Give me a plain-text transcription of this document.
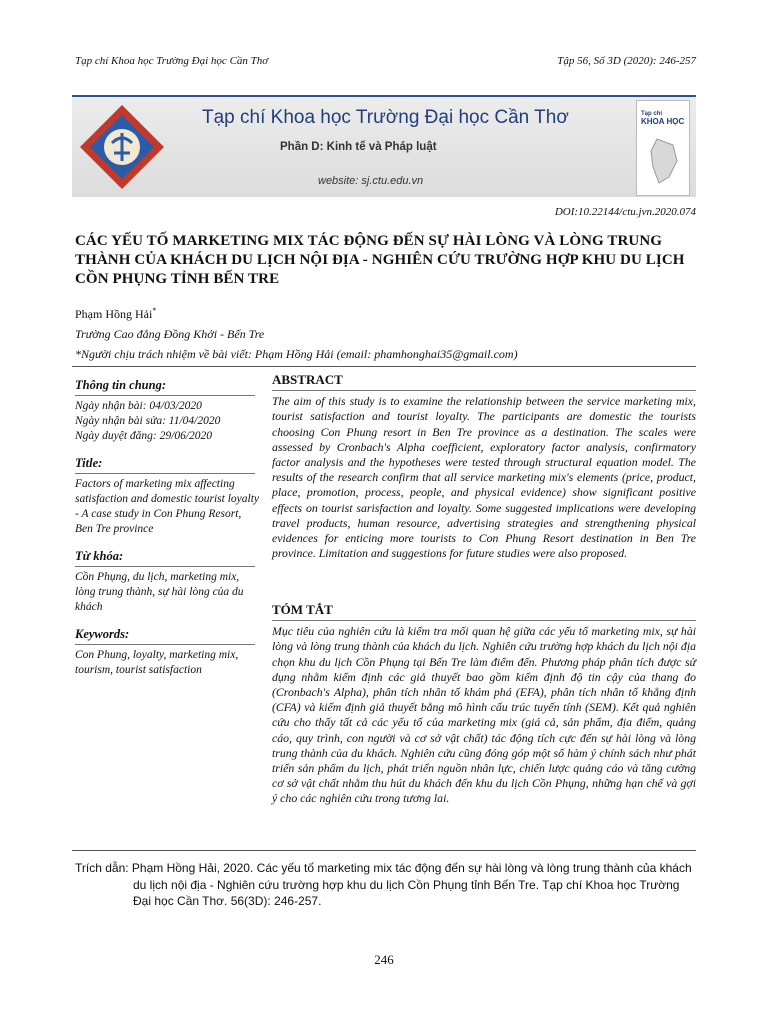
Tạp chí Khoa học Trường Đại học Cần Thơ	Tập 56, Số 3D (2020): 246-257
Tạp chí Khoa học Trường Đại học Cần Thơ
Phần D: Kinh tế và Pháp luật
website: sj.ctu.edu.vn
Tạp chí
KHOA HỌC
DOI:10.22144/ctu.jvn.2020.074
CÁC YẾU TỐ MARKETING MIX TÁC ĐỘNG ĐẾN SỰ HÀI LÒNG VÀ LÒNG TRUNG THÀNH CỦA KHÁCH DU LỊCH NỘI ĐỊA - NGHIÊN CỨU TRƯỜNG HỢP KHU DU LỊCH CỒN PHỤNG TỈNH BẾN TRE
Phạm Hồng Hải*
Trường Cao đẳng Đồng Khởi - Bến Tre
*Người chịu trách nhiệm về bài viết: Phạm Hồng Hải (email: phamhonghai35@gmail.com)
Thông tin chung:
Ngày nhận bài: 04/03/2020
Ngày nhận bài sửa: 11/04/2020
Ngày duyệt đăng: 29/06/2020
Title:
Factors of marketing mix affecting satisfaction and domestic tourist loyalty - A case study in Con Phung Resort, Ben Tre province
Từ khóa:
Cồn Phụng, du lịch, marketing mix, lòng trung thành, sự hài lòng của du khách
Keywords:
Con Phung, loyalty, marketing mix, tourism, tourist satisfaction
ABSTRACT
The aim of this study is to examine the relationship between the service marketing mix, tourist satisfaction and tourist loyalty. The participants are domestic the tourists choosing Con Phung resort in Ben Tre province as a destination. The scales were assessed by Cronbach's Alpha coefficient, exploratory factor analysis, confirmatory factor analysis and the hypotheses were tested through structural equation model. The results of the research confirm that all service marketing mix's elements (price, product, place, promotion, process, people, and physical evidence) show significant positive effects on tourist sarisfaction and loyalty. Some suggested implications were developing travel products, human resource, advertising strategies and strengthening physical evidences for enticing more tourists to Con Phung Resort destination in Ben Tre province. Limitation and suggestions for future studies were also proposed.
TÓM TẮT
Mục tiêu của nghiên cứu là kiểm tra mối quan hệ giữa các yếu tố marketing mix, sự hài lòng và lòng trung thành của khách du lịch. Nghiên cứu trường hợp khách du lịch nội địa chọn khu du lịch Cồn Phụng tại Bến Tre làm điểm đến. Phương pháp phân tích được sử dụng nhằm kiểm định các giả thuyết bao gồm kiểm định độ tin cậy của thang đo (Cronbach's Alpha), phân tích nhân tố khám phá (EFA), phân tích nhân tố khẳng định (CFA) và kiểm định giả thuyết bằng mô hình cấu trúc tuyến tính (SEM). Kết quả nghiên cứu cho thấy tất cả các yếu tố của marketing mix (giá cả, sản phẩm, địa điểm, quảng cáo, quy trình, con người và cơ sở vật chất) tác động tích cực đến sự hài lòng và lòng trung thành của du khách. Nghiên cứu cũng đóng góp một số hàm ý chính sách như phát triển sản phẩm du lịch, phát triển nguồn nhân lực, chiến lược quảng cáo và tăng cường cơ sở vật chất nhằm thu hút du khách đến khu du lịch Cồn Phụng, những hạn chế và gợi ý cho các nghiên cứu trong tương lai.
Trích dẫn: Phạm Hồng Hải, 2020. Các yếu tố marketing mix tác động đến sự hài lòng và lòng trung thành của khách du lịch nội địa - Nghiên cứu trường hợp khu du lịch Cồn Phụng tỉnh Bến Tre. Tạp chí Khoa học Trường Đại học Cần Thơ. 56(3D): 246-257.
246
